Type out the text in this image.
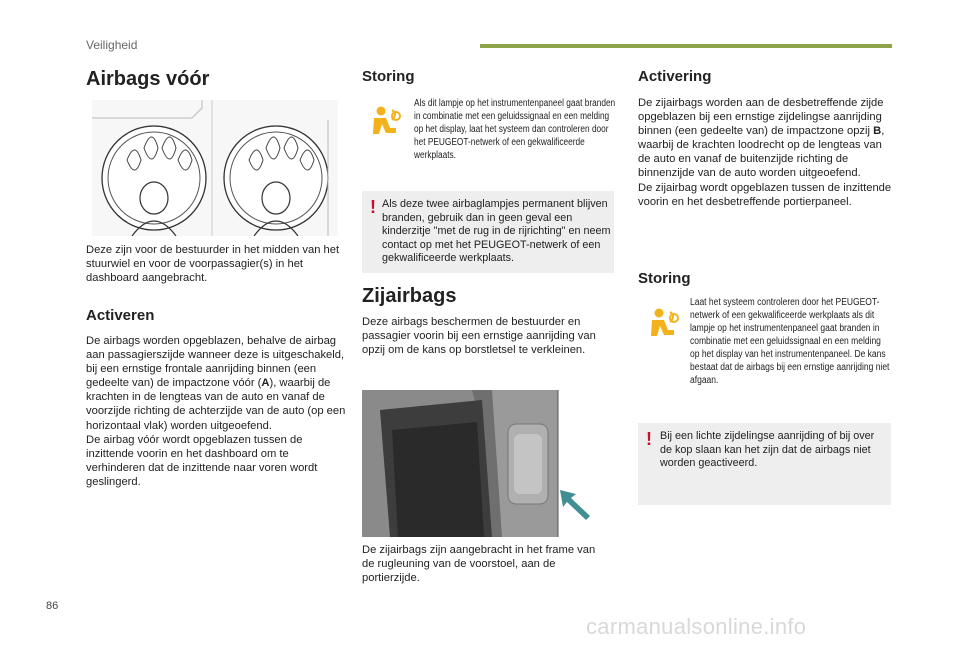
Veiligheid
Airbags vóór
Deze zijn voor de bestuurder in het midden van het stuurwiel en voor de voorpassagier(s) in het dashboard aangebracht.
Activeren
De airbags worden opgeblazen, behalve de airbag aan passagierszijde wanneer deze is uitgeschakeld, bij een ernstige frontale aanrijding binnen (een gedeelte van) de impactzone vóór (A), waarbij de krachten in de lengteas van de auto en vanaf de voorzijde richting de achterzijde van de auto (op een horizontaal vlak) worden uitgeoefend.
De airbag vóór wordt opgeblazen tussen de inzittende voorin en het dashboard om te verhinderen dat de inzittende naar voren wordt geslingerd.
Storing
Als dit lampje op het instrumentenpaneel gaat branden in combinatie met een geluidssignaal en een melding op het display, laat het systeem dan controleren door het PEUGEOT-netwerk of een gekwalificeerde werkplaats.
! Als deze twee airbaglampjes permanent blijven branden, gebruik dan in geen geval een kinderzitje "met de rug in de rijrichting" en neem contact op met het PEUGEOT-netwerk of een gekwalificeerde werkplaats.
Zijairbags
Deze airbags beschermen de bestuurder en passagier voorin bij een ernstige aanrijding van opzij om de kans op borstletsel te verkleinen.
De zijairbags zijn aangebracht in het frame van de rugleuning van de voorstoel, aan de portierzijde.
Activering
De zijairbags worden aan de desbetreffende zijde opgeblazen bij een ernstige zijdelingse aanrijding binnen (een gedeelte van) de impactzone opzij B, waarbij de krachten loodrecht op de lengteas van de auto en vanaf de buitenzijde richting de binnenzijde van de auto worden uitgeoefend.
De zijairbag wordt opgeblazen tussen de inzittende voorin en het desbetreffende portierpaneel.
Storing
Laat het systeem controleren door het PEUGEOT-netwerk of een gekwalificeerde werkplaats als dit lampje op het instrumentenpaneel gaat branden in combinatie met een geluidssignaal en een melding op het display van het instrumentenpaneel. De kans bestaat dat de airbags bij een ernstige aanrijding niet afgaan.
! Bij een lichte zijdelingse aanrijding of bij over de kop slaan kan het zijn dat de airbags niet worden geactiveerd.
86
carmanualsonline.info
